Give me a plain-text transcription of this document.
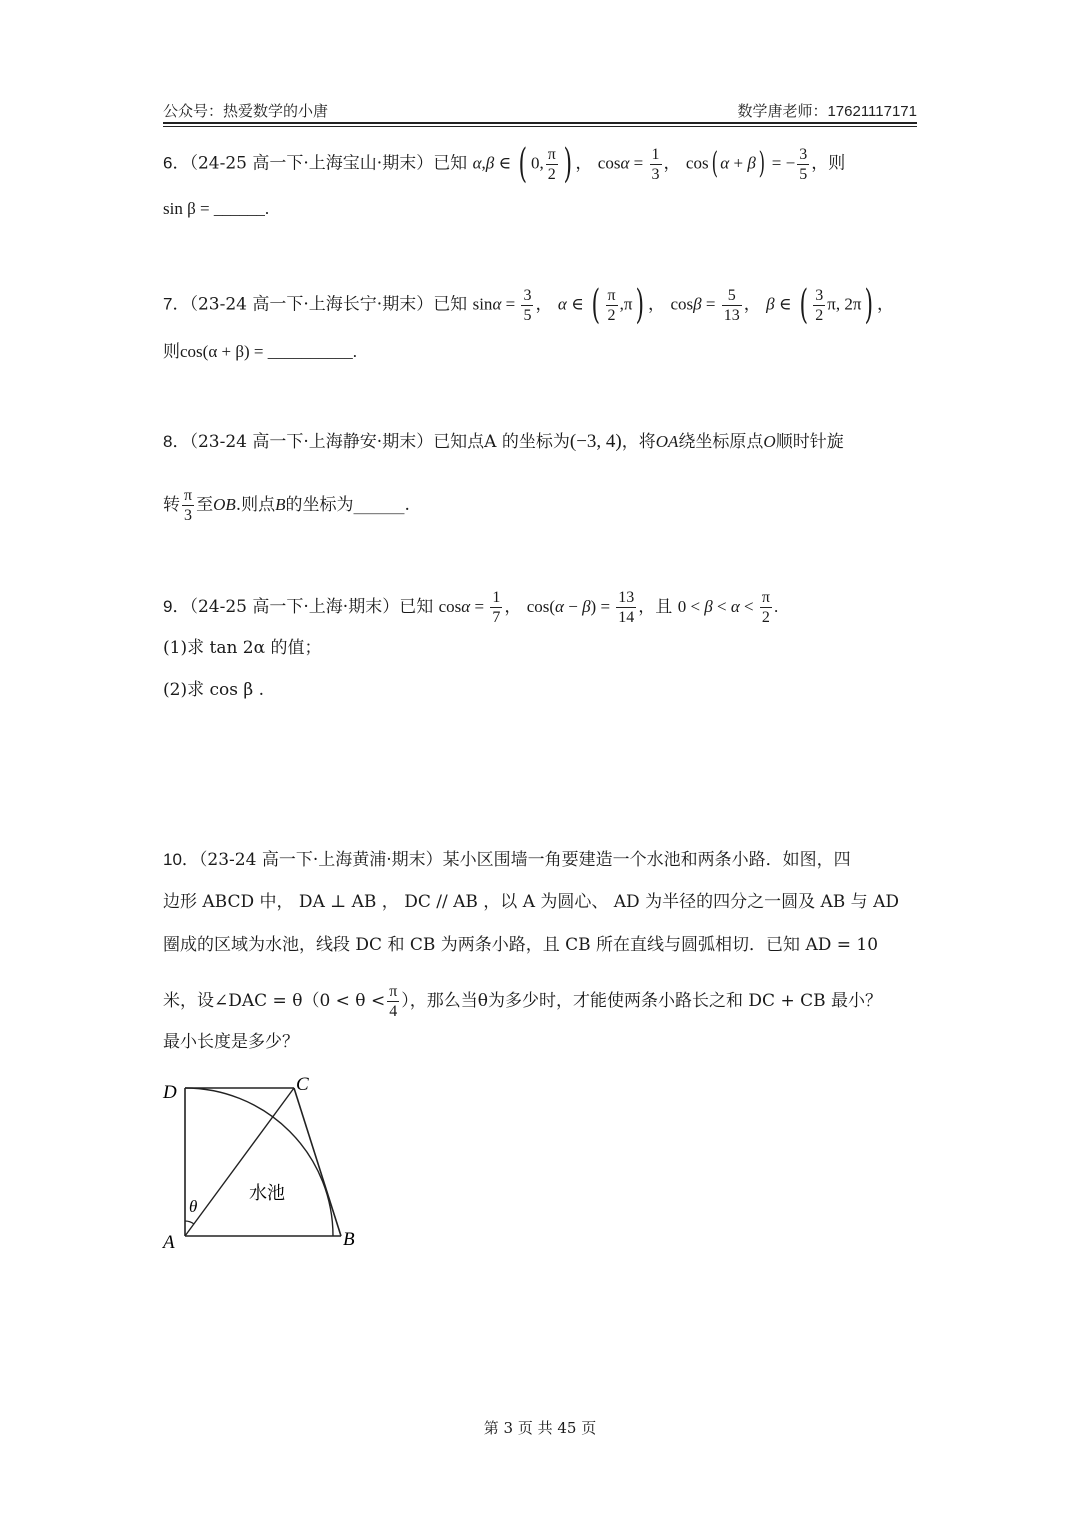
公众号：热爱数学的小唐	数学唐老师：17621117171
6．（24-25 高一下·上海宝山·期末）已知 α,β ∈ ( 0, $\frac{\pi}{2}$ ) ， $\cos\alpha = \frac{1}{3}$ ， cos( α + β) = − $\frac{3}{5}$ ，则
sin β = ______.
7．（23-24 高一下·上海长宁·期末）已知 $\sin\alpha = \frac{3}{5}$ ， α ∈ ( $\frac{\pi}{2} ,\pi$) ， $\cos\beta = \frac{5}{13}$ ， β ∈ ( $\frac{3}{2} \pi$, 2π) ，
则cos(α + β) = __________.
8．（23-24 高一下·上海静安·期末）已知点A 的坐标为(−3, 4)，将OA绕坐标原点O顺时针旋
转 $\frac{\pi}{3}$ 至OB.则点B的坐标为______.
9．（24-25 高一下·上海·期末）已知 $\cos\alpha = \frac{1}{7}$ ， $\cos(\alpha - \beta) = \frac{13}{14}$ ，且 $0 < \beta < \alpha < \frac{\pi}{2}$ .
(1)求 tan 2α 的值；
(2)求 cos β .
10．（23-24 高一下·上海黄浦·期末）某小区围墙一角要建造一个水池和两条小路．如图，四
边形 ABCD 中， DA ⊥ AB ， DC // AB ，以 A 为圆心、 AD 为半径的四分之一圆及 AB 与 AD
圈成的区域为水池，线段 DC 和 CB 为两条小路，且 CB 所在直线与圆弧相切．已知 AD = 10
米，设∠DAC = $\theta(0 < \theta < \frac{\pi}{4}$ ），那么当θ为多少时，才能使两条小路长之和 DC + CB 最小？
最小长度是多少？
D	C
A	B
θ
水池
第 3 页 共 45 页
